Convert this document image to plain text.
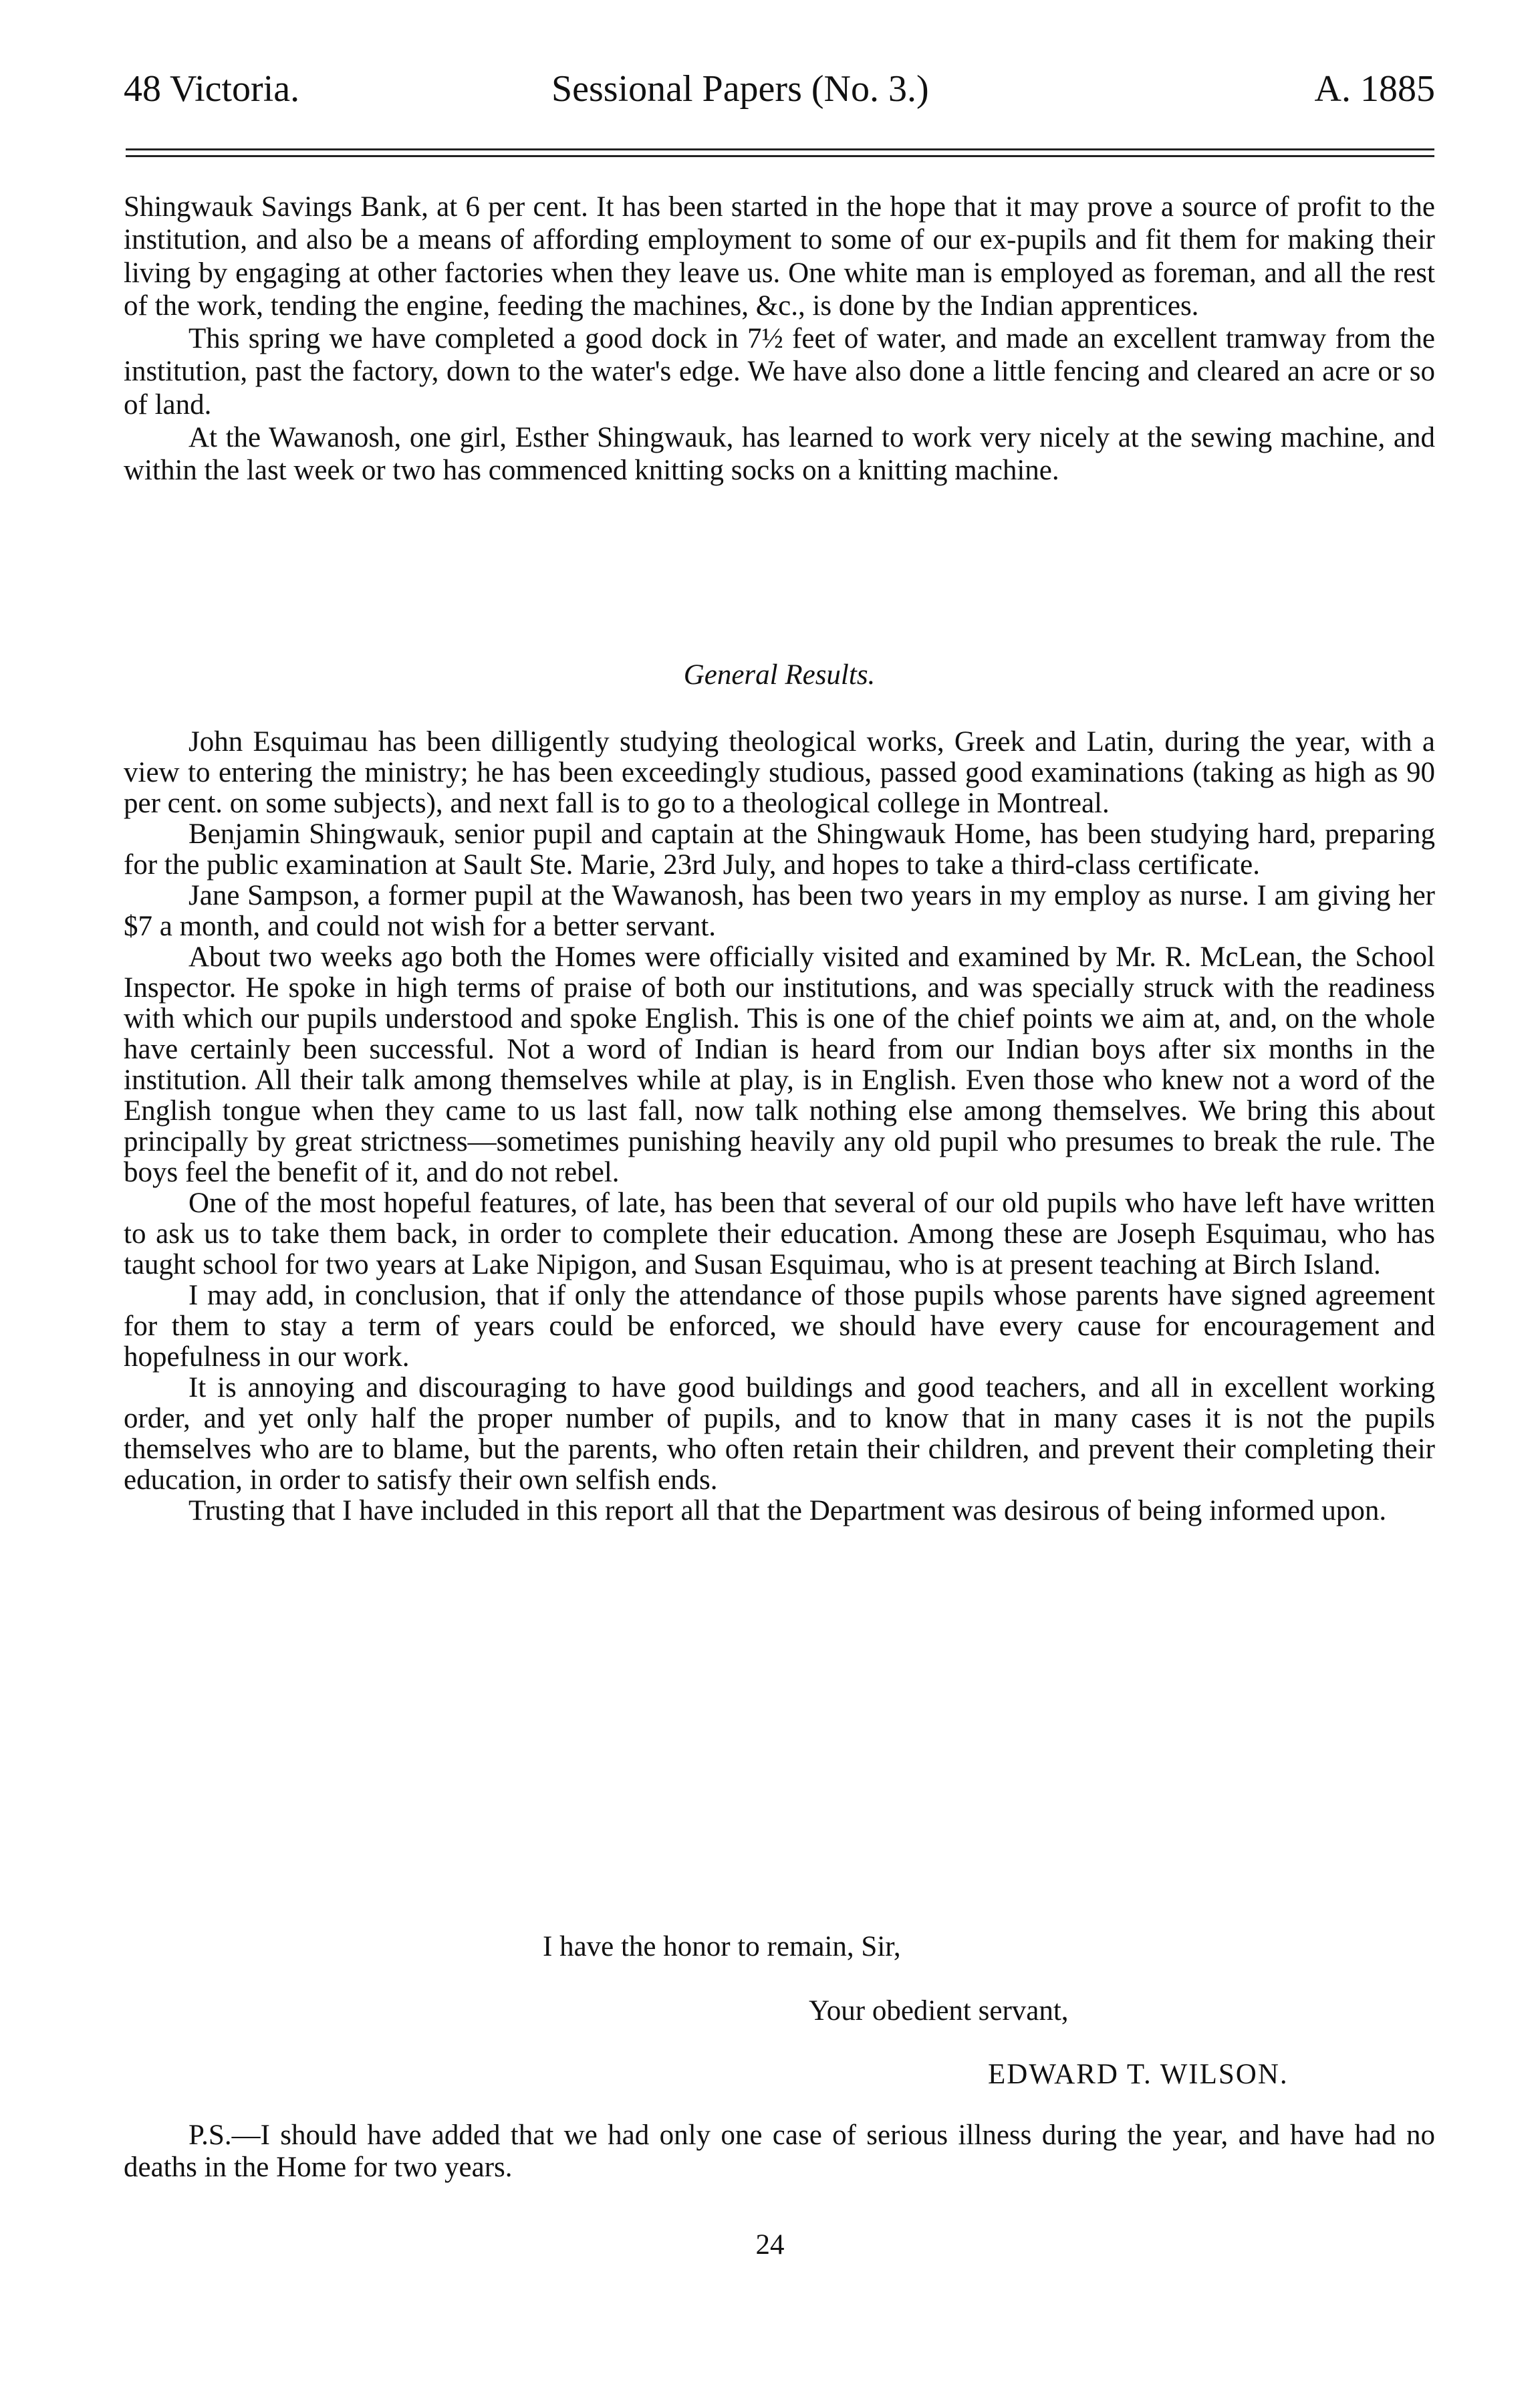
48 Victoria.	Sessional Papers (No. 3.)	A. 1885

Shingwauk Savings Bank, at 6 per cent. It has been started in the hope that it may prove a source of profit to the institution, and also be a means of affording employment to some of our ex-pupils and fit them for making their living by engaging at other factories when they leave us. One white man is employed as foreman, and all the rest of the work, tending the engine, feeding the machines, &c., is done by the Indian apprentices.

This spring we have completed a good dock in 7½ feet of water, and made an excellent tramway from the institution, past the factory, down to the water's edge. We have also done a little fencing and cleared an acre or so of land.

At the Wawanosh, one girl, Esther Shingwauk, has learned to work very nicely at the sewing machine, and within the last week or two has commenced knitting socks on a knitting machine.

General Results.

John Esquimau has been dilligently studying theological works, Greek and Latin, during the year, with a view to entering the ministry; he has been exceedingly studious, passed good examinations (taking as high as 90 per cent. on some subjects), and next fall is to go to a theological college in Montreal.

Benjamin Shingwauk, senior pupil and captain at the Shingwauk Home, has been studying hard, preparing for the public examination at Sault Ste. Marie, 23rd July, and hopes to take a third-class certificate.

Jane Sampson, a former pupil at the Wawanosh, has been two years in my employ as nurse. I am giving her $7 a month, and could not wish for a better servant.

About two weeks ago both the Homes were officially visited and examined by Mr. R. McLean, the School Inspector. He spoke in high terms of praise of both our institutions, and was specially struck with the readiness with which our pupils understood and spoke English. This is one of the chief points we aim at, and, on the whole have certainly been successful. Not a word of Indian is heard from our Indian boys after six months in the institution. All their talk among themselves while at play, is in English. Even those who knew not a word of the English tongue when they came to us last fall, now talk nothing else among themselves. We bring this about principally by great strictness—sometimes punishing heavily any old pupil who presumes to break the rule. The boys feel the benefit of it, and do not rebel.

One of the most hopeful features, of late, has been that several of our old pupils who have left have written to ask us to take them back, in order to complete their education. Among these are Joseph Esquimau, who has taught school for two years at Lake Nipigon, and Susan Esquimau, who is at present teaching at Birch Island.

I may add, in conclusion, that if only the attendance of those pupils whose parents have signed agreement for them to stay a term of years could be enforced, we should have every cause for encouragement and hopefulness in our work.

It is annoying and discouraging to have good buildings and good teachers, and all in excellent working order, and yet only half the proper number of pupils, and to know that in many cases it is not the pupils themselves who are to blame, but the parents, who often retain their children, and prevent their completing their education, in order to satisfy their own selfish ends.

Trusting that I have included in this report all that the Department was desirous of being informed upon.

I have the honor to remain, Sir,
Your obedient servant,
EDWARD T. WILSON.

P.S.—I should have added that we had only one case of serious illness during the year, and have had no deaths in the Home for two years.

24
